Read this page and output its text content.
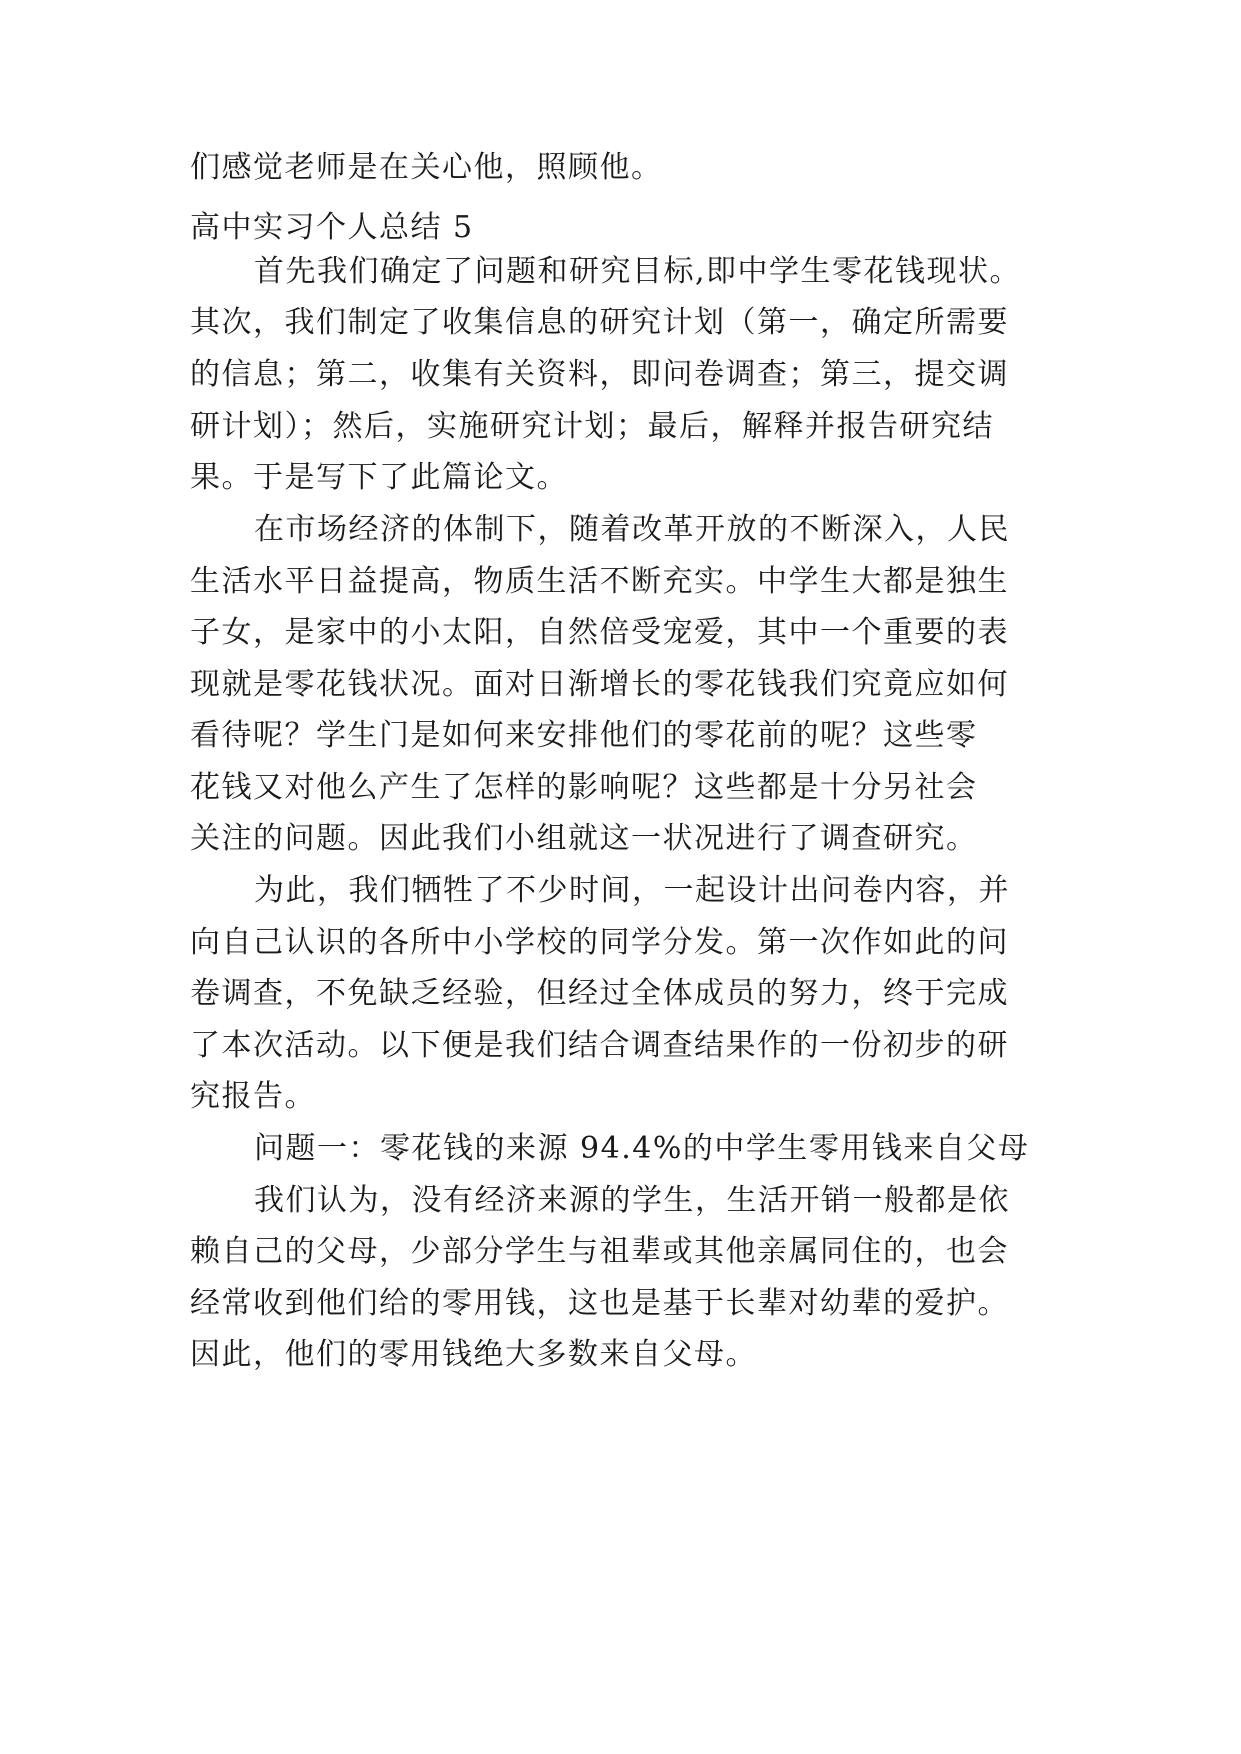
们感觉老师是在关心他，照顾他。
高中实习个人总结 5
首先我们确定了问题和研究目标,即中学生零花钱现状。
其次，我们制定了收集信息的研究计划（第一，确定所需要
的信息；第二，收集有关资料，即问卷调查；第三，提交调
研计划）；然后，实施研究计划；最后，解释并报告研究结
果。于是写下了此篇论文。
在市场经济的体制下，随着改革开放的不断深入，人民
生活水平日益提高，物质生活不断充实。中学生大都是独生
子女，是家中的小太阳，自然倍受宠爱，其中一个重要的表
现就是零花钱状况。面对日渐增长的零花钱我们究竟应如何
看待呢？学生门是如何来安排他们的零花前的呢？这些零
花钱又对他么产生了怎样的影响呢？这些都是十分另社会
关注的问题。因此我们小组就这一状况进行了调查研究。
为此，我们牺牲了不少时间，一起设计出问卷内容，并
向自己认识的各所中小学校的同学分发。第一次作如此的问
卷调查，不免缺乏经验，但经过全体成员的努力，终于完成
了本次活动。以下便是我们结合调查结果作的一份初步的研
究报告。
问题一：零花钱的来源 94.4%的中学生零用钱来自父母
我们认为，没有经济来源的学生，生活开销一般都是依
赖自己的父母，少部分学生与祖辈或其他亲属同住的，也会
经常收到他们给的零用钱，这也是基于长辈对幼辈的爱护。
因此，他们的零用钱绝大多数来自父母。
